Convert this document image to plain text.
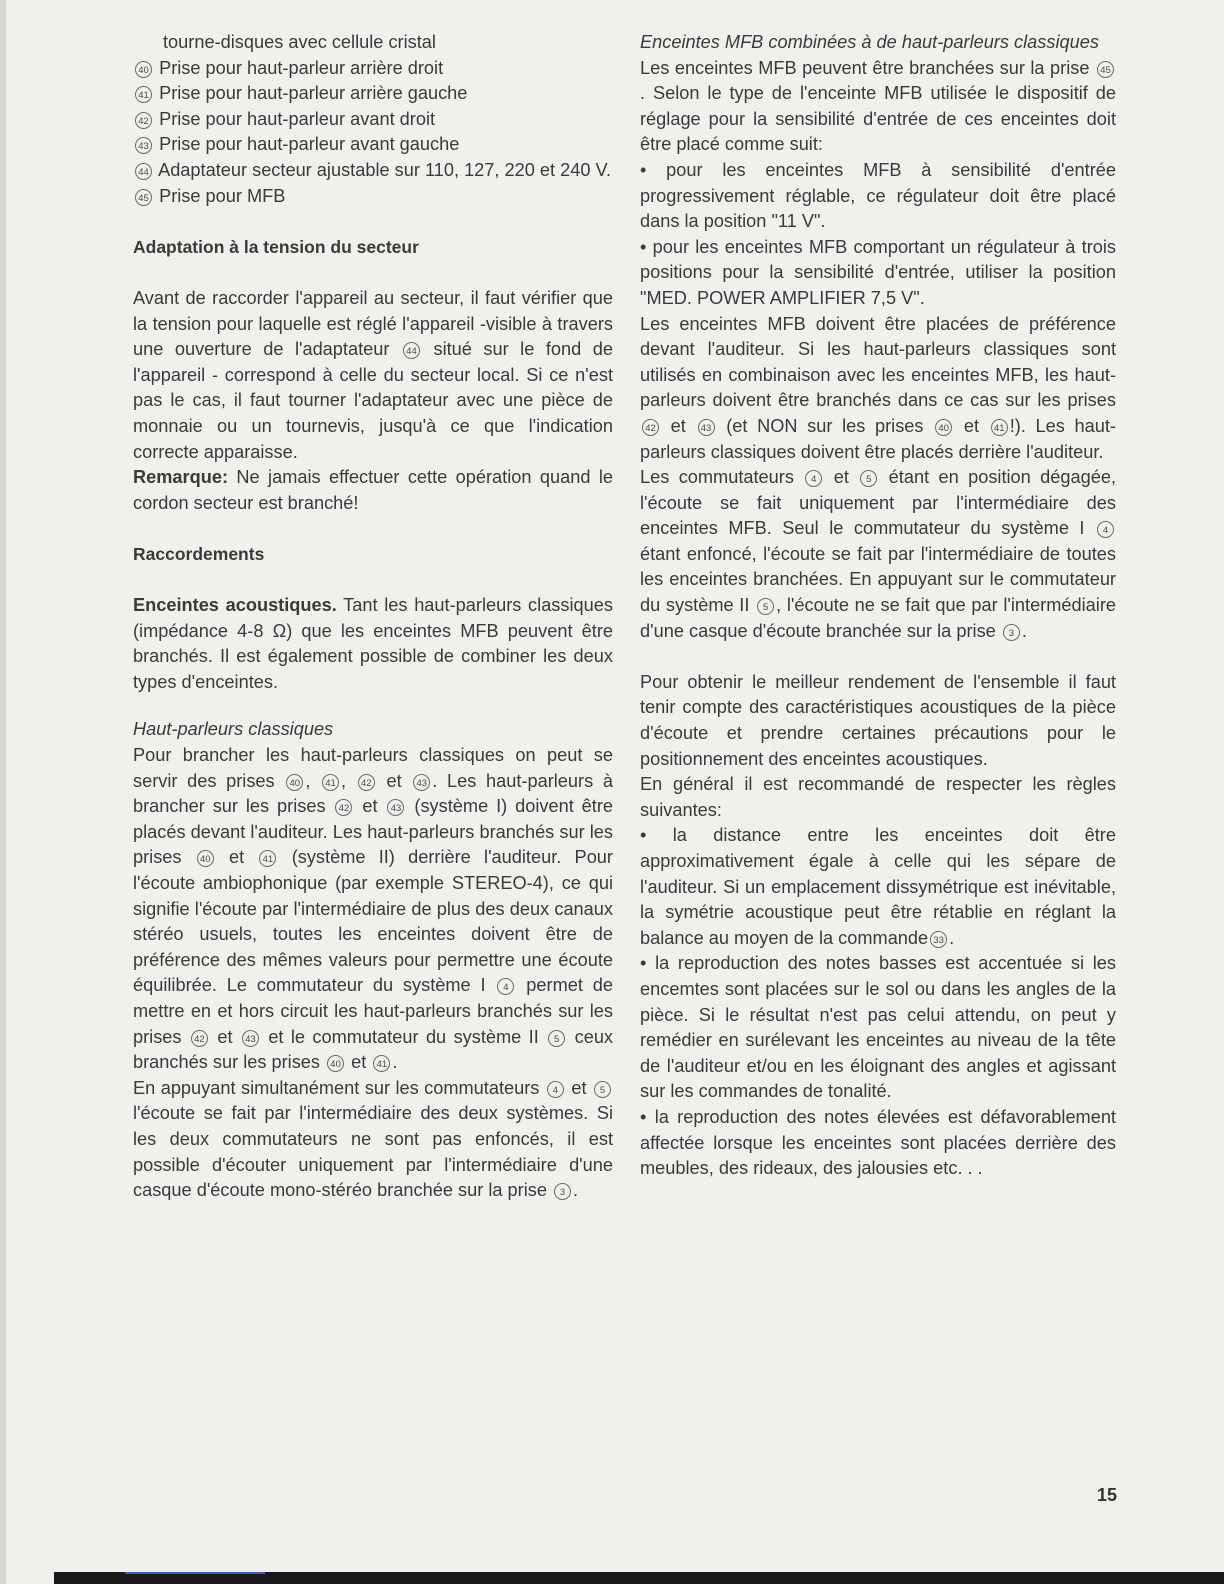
tourne-disques avec cellule cristal

40 Prise pour haut-parleur arrière droit

41 Prise pour haut-parleur arrière gauche

42 Prise pour haut-parleur avant droit

43 Prise pour haut-parleur avant gauche

44 Adaptateur secteur ajustable sur 110, 127, 220 et 240 V.

45 Prise pour MFB

Adaptation à la tension du secteur

Avant de raccorder l'appareil au secteur, il faut vérifier que la tension pour laquelle est réglé l'appareil -visible à travers une ouverture de l'adaptateur 44 situé sur le fond de l'appareil - correspond à celle du secteur local. Si ce n'est pas le cas, il faut tourner l'adaptateur avec une pièce de monnaie ou un tournevis, jusqu'à ce que l'indication correcte apparaisse.

Remarque: Ne jamais effectuer cette opération quand le cordon secteur est branché!

Raccordements

Enceintes acoustiques. Tant les haut-parleurs classiques (impédance 4-8 Ω) que les enceintes MFB peuvent être branchés. Il est également possible de combiner les deux types d'enceintes.

Haut-parleurs classiques

Pour brancher les haut-parleurs classiques on peut se servir des prises 40 , 41 , 42 et 43 . Les haut-parleurs à brancher sur les prises 42 et 43 (système I) doivent être placés devant l'auditeur. Les haut-parleurs branchés sur les prises 40 et 41 (système II) derrière l'auditeur. Pour l'écoute ambiophonique (par exemple STEREO-4), ce qui signifie l'écoute par l'intermédiaire de plus des deux canaux stéréo usuels, toutes les enceintes doivent être de préférence des mêmes valeurs pour permettre une écoute équilibrée. Le commutateur du système I 4 permet de mettre en et hors circuit les haut-parleurs branchés sur les prises 42 et 43 et le commutateur du système II 5 ceux branchés sur les prises 40 et 41 .

En appuyant simultanément sur les commutateurs 4 et 5 l'écoute se fait par l'intermédiaire des deux systèmes. Si les deux commutateurs ne sont pas enfoncés, il est possible d'écouter uniquement par l'intermédiaire d'une casque d'écoute mono-stéréo branchée sur la prise 3 .

Enceintes MFB combinées à de haut-parleurs classiques

Les enceintes MFB peuvent être branchées sur la prise 45. Selon le type de l'enceinte MFB utilisée le dispositif de réglage pour la sensibilité d'entrée de ces enceintes doit être placé comme suit:

• pour les enceintes MFB à sensibilité d'entrée progressivement réglable, ce régulateur doit être placé dans la position "11 V".

• pour les enceintes MFB comportant un régulateur à trois positions pour la sensibilité d'entrée, utiliser la position "MED. POWER AMPLIFIER 7,5 V".

Les enceintes MFB doivent être placées de préférence devant l'auditeur. Si les haut-parleurs classiques sont utilisés en combinaison avec les enceintes MFB, les haut-parleurs doivent être branchés dans ce cas sur les prises 42 et 43 (et NON sur les prises 40 et 41 !). Les haut-parleurs classiques doivent être placés derrière l'auditeur.

Les commutateurs 4 et 5 étant en position dégagée, l'écoute se fait uniquement par l'intermédiaire des enceintes MFB. Seul le commutateur du système I 4 étant enfoncé, l'écoute se fait par l'intermédiaire de toutes les enceintes branchées. En appuyant sur le commutateur du système II 5 , l'écoute ne se fait que par l'intermédiaire d'une casque d'écoute branchée sur la prise 3 .

Pour obtenir le meilleur rendement de l'ensemble il faut tenir compte des caractéristiques acoustiques de la pièce d'écoute et prendre certaines précautions pour le positionnement des enceintes acoustiques.

En général il est recommandé de respecter les règles suivantes:

• la distance entre les enceintes doit être approximativement égale à celle qui les sépare de l'auditeur. Si un emplacement dissymétrique est inévitable, la symétrie acoustique peut être rétablie en réglant la balance au moyen de la commande 33 .

• la reproduction des notes basses est accentuée si les encemtes sont placées sur le sol ou dans les angles de la pièce. Si le résultat n'est pas celui attendu, on peut y remédier en surélevant les enceintes au niveau de la tête de l'auditeur et/ou en les éloignant des angles et agissant sur les commandes de tonalité.

• la reproduction des notes élevées est défavorablement affectée lorsque les enceintes sont placées derrière des meubles, des rideaux, des jalousies etc. . .

15
